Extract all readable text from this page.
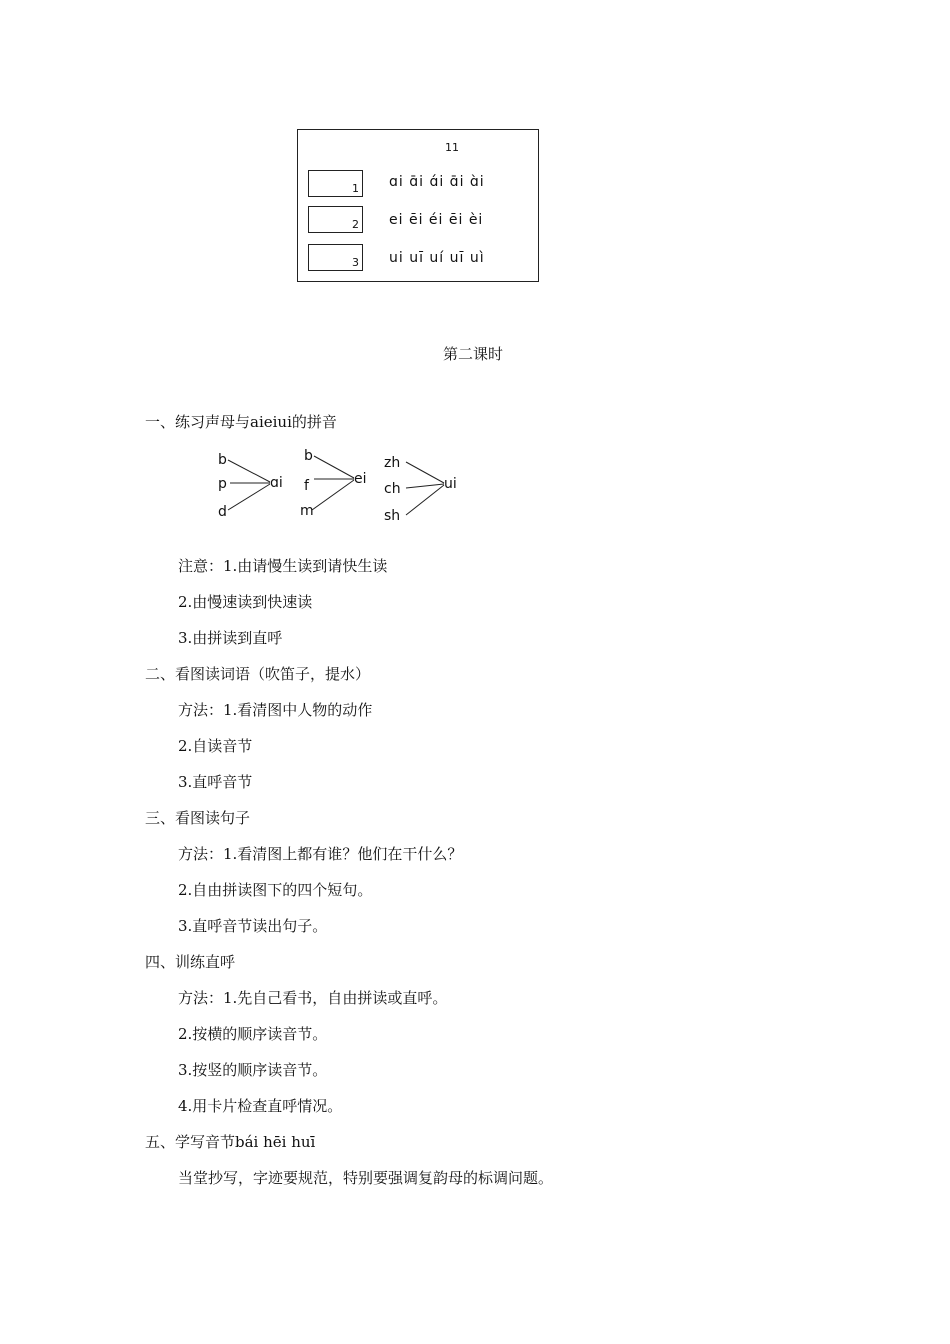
11
1 ɑi ɑ̄i ɑ́i ɑ̄i ɑ̀i
2 ei ēi éi ēi èi
3 ui uī uí uī uì
第二课时
一、练习声母与aieiui的拼音
b
p
d
ɑi
b
f
m
ei
zh
ch
sh
ui
注意：1.由请慢生读到请快生读
2.由慢速读到快速读
3.由拼读到直呼
二、看图读词语（吹笛子，提水）
方法：1.看清图中人物的动作
2.自读音节
3.直呼音节
三、看图读句子
方法：1.看清图上都有谁？他们在干什么？
2.自由拼读图下的四个短句。
3.直呼音节读出句子。
四、训练直呼
方法：1.先自己看书，自由拼读或直呼。
2.按横的顺序读音节。
3.按竖的顺序读音节。
4.用卡片检查直呼情况。
五、学写音节bái hēi huī
当堂抄写，字迹要规范，特别要强调复韵母的标调问题。
